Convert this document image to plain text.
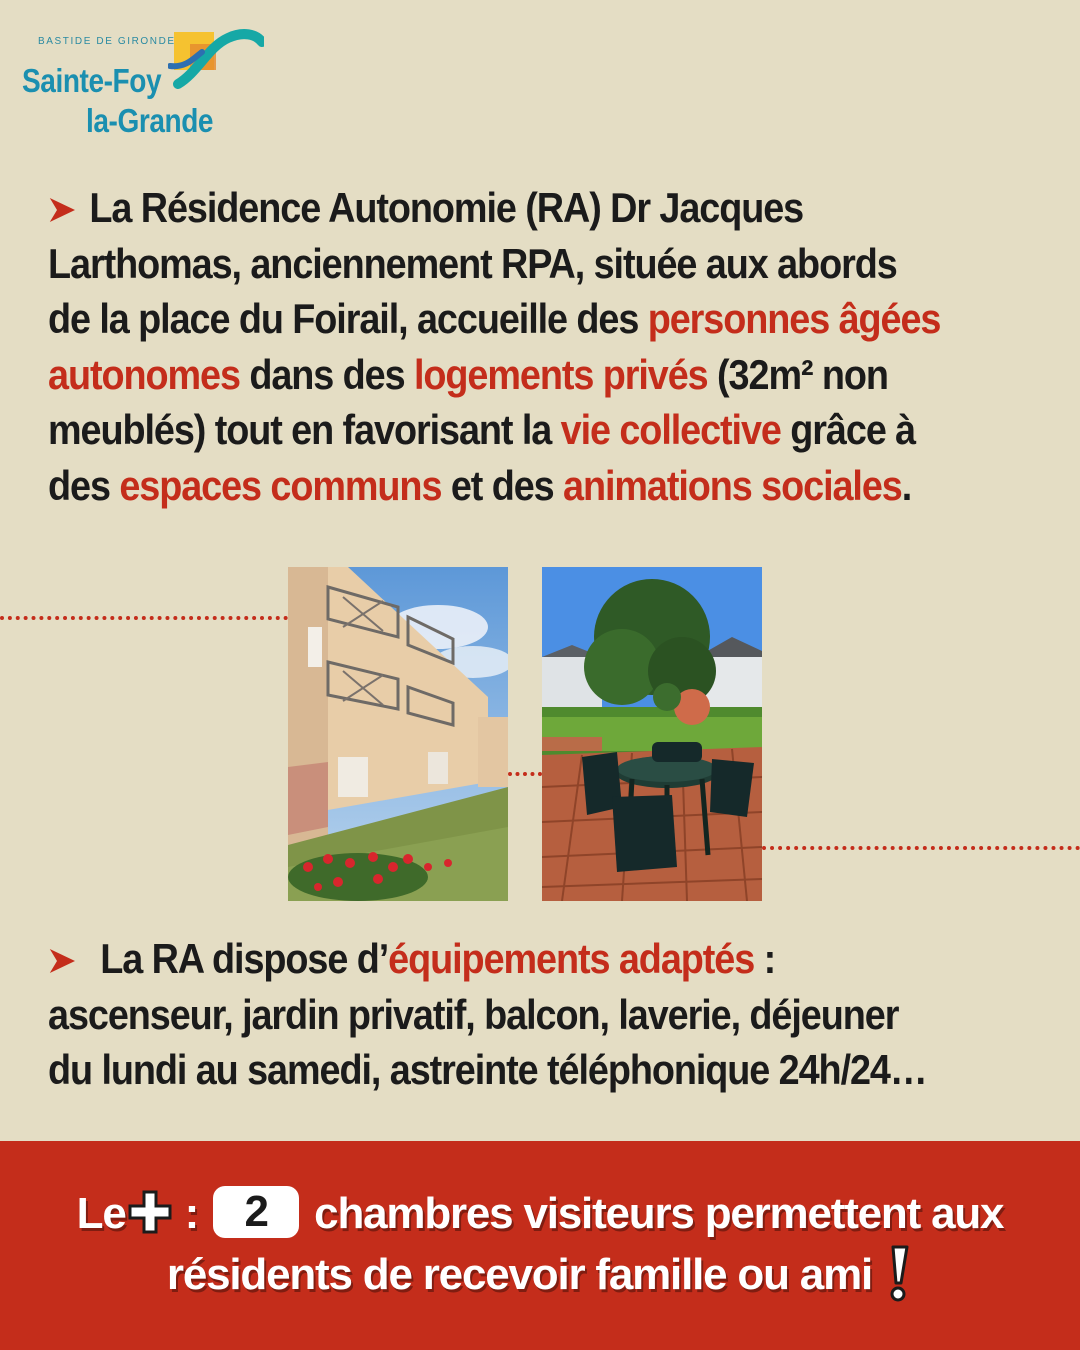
BASTIDE DE GIRONDE
Sainte-Foy
la-Grande
La Résidence Autonomie (RA) Dr Jacques Larthomas, anciennement RPA, située aux abords de la place du Foirail, accueille des personnes âgées autonomes dans des logements privés (32m² non meublés) tout en favorisant la vie collective grâce à des espaces communs et des animations sociales.
La RA dispose d’équipements adaptés : ascenseur, jardin privatif, balcon, laverie, déjeuner du lundi au samedi, astreinte téléphonique 24h/24…
Le : 2 chambres visiteurs permettent aux
résidents de recevoir famille ou ami
